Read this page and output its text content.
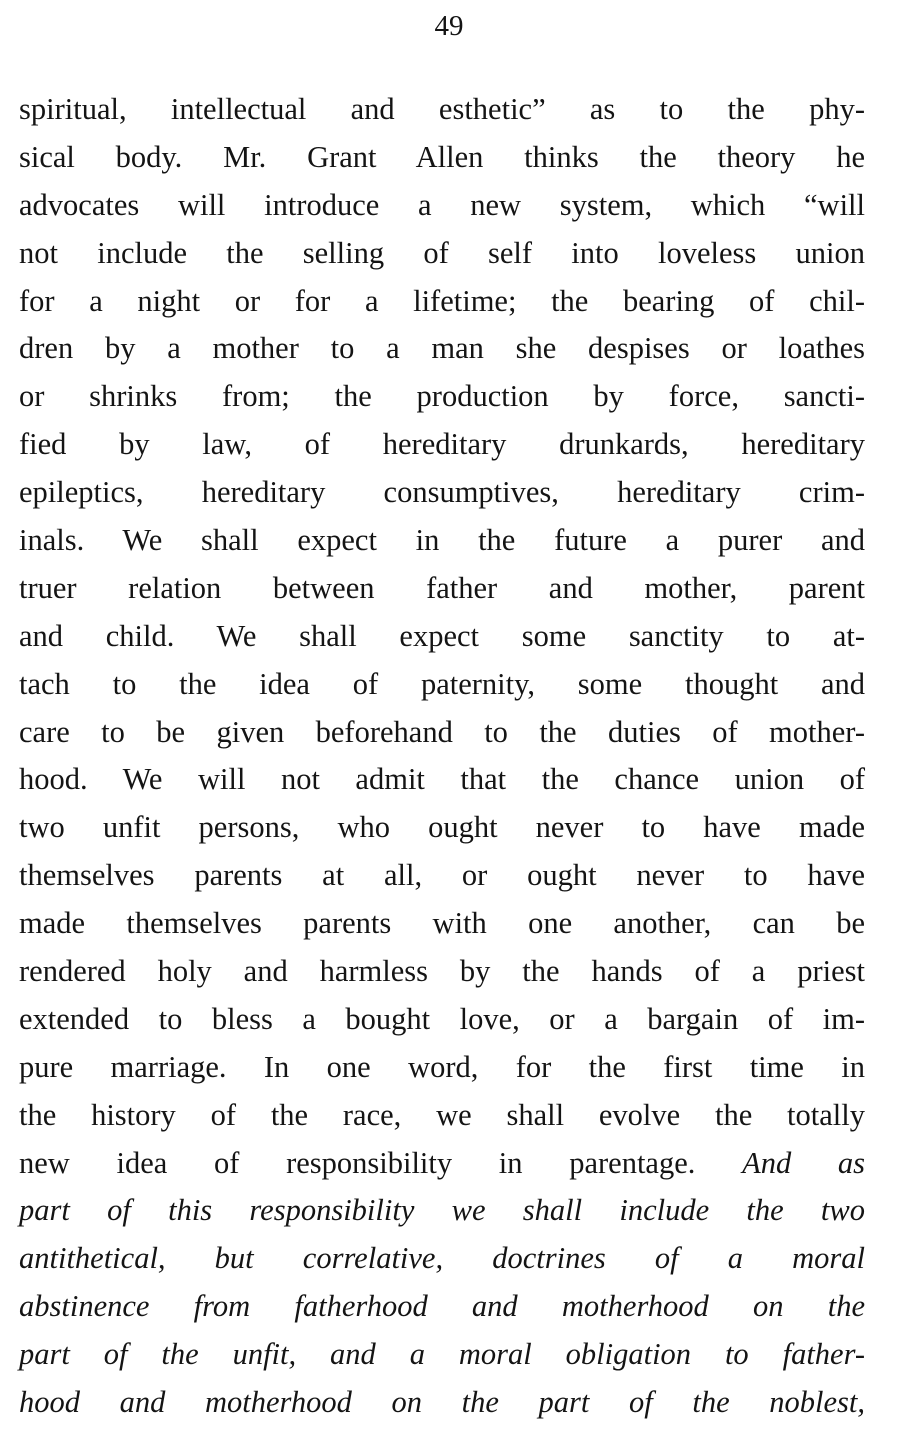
49
spiritual, intellectual and esthetic” as to the phy-
sical body. Mr. Grant Allen thinks the theory he
advocates will introduce a new system, which “will
not include the selling of self into loveless union
for a night or for a lifetime; the bearing of chil-
dren by a mother to a man she despises or loathes
or shrinks from; the production by force, sancti-
fied by law, of hereditary drunkards, hereditary
epileptics, hereditary consumptives, hereditary crim-
inals. We shall expect in the future a purer and
truer relation between father and mother, parent
and child. We shall expect some sanctity to at-
tach to the idea of paternity, some thought and
care to be given beforehand to the duties of mother-
hood. We will not admit that the chance union of
two unfit persons, who ought never to have made
themselves parents at all, or ought never to have
made themselves parents with one another, can be
rendered holy and harmless by the hands of a priest
extended to bless a bought love, or a bargain of im-
pure marriage. In one word, for the first time in
the history of the race, we shall evolve the totally
new idea of responsibility in parentage. And as
part of this responsibility we shall include the two
antithetical, but correlative, doctrines of a moral
abstinence from fatherhood and motherhood on the
part of the unfit, and a moral obligation to father-
hood and motherhood on the part of the noblest,
